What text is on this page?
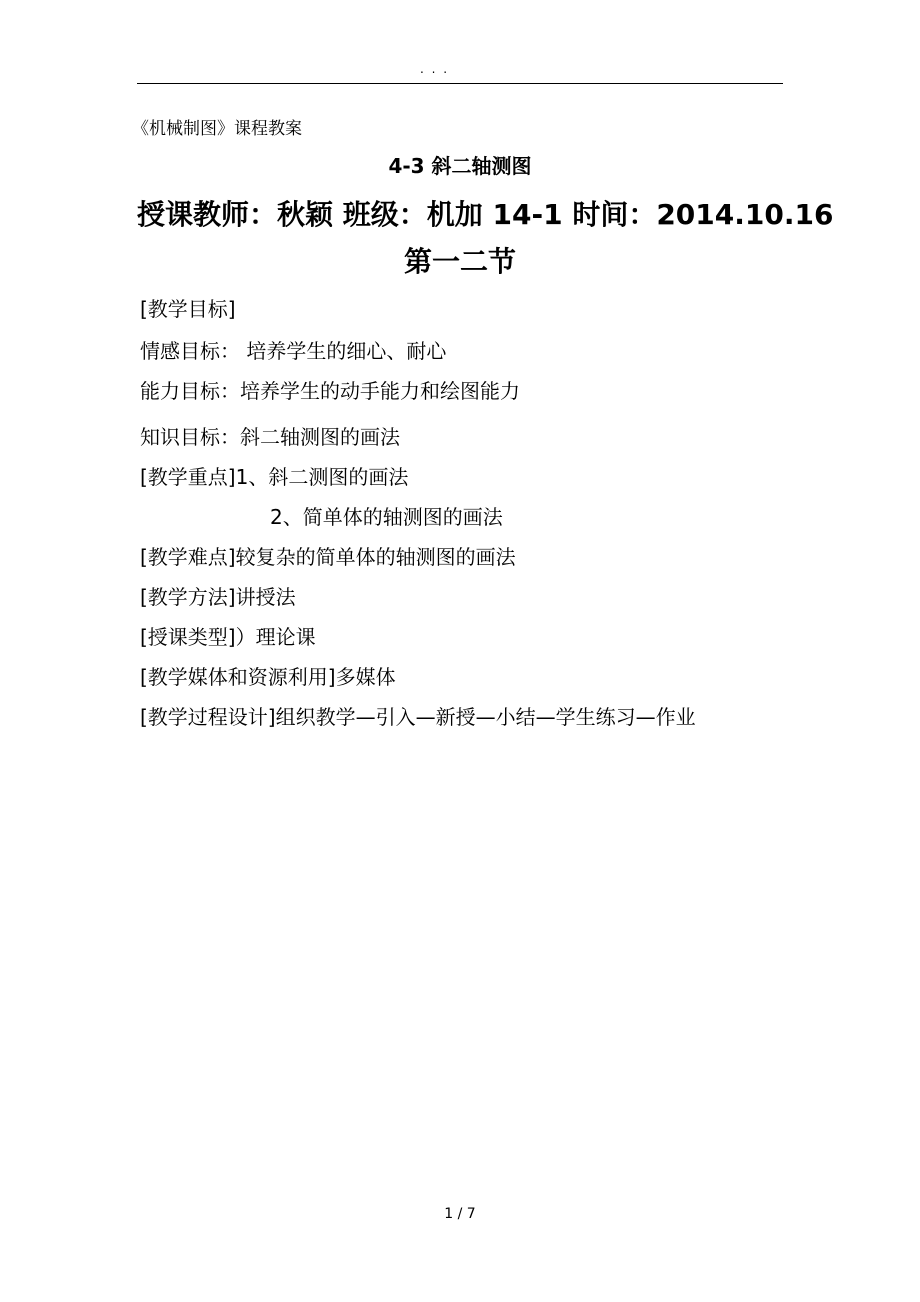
. . .
《机械制图》课程教案
4-3 斜二轴测图
授课教师：秋颖 班级：机加 14-1 时间：2014.10.16
第一二节
[教学目标]
情感目标： 培养学生的细心、耐心
能力目标：培养学生的动手能力和绘图能力
知识目标：斜二轴测图的画法
[教学重点]1、斜二测图的画法
2、简单体的轴测图的画法
[教学难点]较复杂的简单体的轴测图的画法
[教学方法]讲授法
[授课类型]）理论课
[教学媒体和资源利用]多媒体
[教学过程设计]组织教学—引入—新授—小结—学生练习—作业
1 / 7
